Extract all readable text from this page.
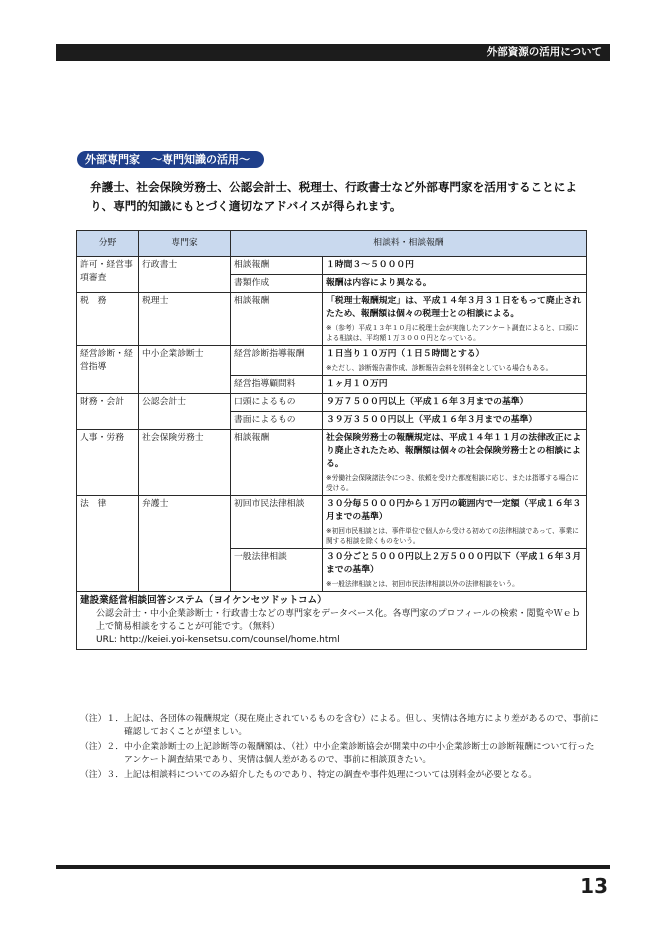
外部資源の活用について
外部専門家　～専門知識の活用～

弁護士、社会保険労務士、公認会計士、税理士、行政書士など外部専門家を活用することにより、専門的知識にもとづく適切なアドバイスが得られます。

分野	専門家	相談料・相談報酬	
許可・経営事項審査	行政書士	相談報酬	１時間３～５０００円

		書類作成	報酬は内容により異なる。

税　務	税理士	相談報酬	「税理士報酬規定」は、平成１４年３月３１日をもって廃止されたため、報酬額は個々の税理士との相談による。
※（参考）平成１３年１０月に税理士会が実施したアンケート調査によると、口頭による相談は、平均額１万３０００円となっている。

経営診断・経営指導	中小企業診断士	経営診断指導報酬	１日当り１０万円（１日５時間とする）
※ただし、診断報告書作成、診断報告会料を別料金としている場合もある。

		経営指導顧問料	１ヶ月１０万円

財務・会計	公認会計士	口頭によるもの	９万７５００円以上（平成１６年３月までの基準）

		書面によるもの	３９万３５００円以上（平成１６年３月までの基準）

人事・労務	社会保険労務士	相談報酬	社会保険労務士の報酬規定は、平成１４年１１月の法律改正により廃止されたため、報酬額は個々の社会保険労務士との相談による。
※労働社会保険諸法令につき、依頼を受けた都度相談に応じ、または指導する場合に受ける。

法　律	弁護士	初回市民法律相談	３０分毎５０００円から１万円の範囲内で一定額（平成１６年３月までの基準）
※初回市民相談とは、事件単位で個人から受ける初めての法律相談であって、事業に関する相談を除くものをいう。

		一般法律相談	３０分ごと５０００円以上２万５０００円以下（平成１６年３月までの基準）
※一般法律相談とは、初回市民法律相談以外の法律相談をいう。

建設業経営相談回答システム（ヨイケンセツドットコム）
公認会計士・中小企業診断士・行政書士などの専門家をデータベース化。各専門家のプロフィールの検索・閲覧やＷｅｂ上で簡易相談をすることが可能です。（無料）
URL: http://keiei.yoi-kensetsu.com/counsel/home.html			
（注）１． 上記は、各団体の報酬規定（現在廃止されているものを含む）による。但し、実情は各地方により差があるので、事前に確認しておくことが望ましい。
（注）２． 中小企業診断士の上記診断等の報酬額は、（社）中小企業診断協会が開業中の中小企業診断士の診断報酬について行ったアンケート調査結果であり、実情は個人差があるので、事前に相談頂きたい。
（注）３． 上記は相談料についてのみ紹介したものであり、特定の調査や事件処理については別料金が必要となる。
13
